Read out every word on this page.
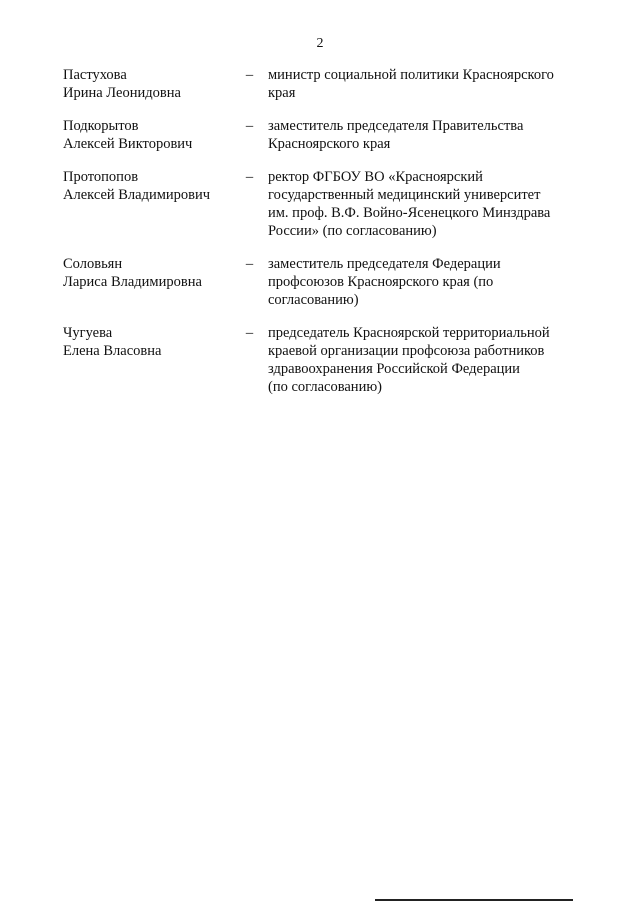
2
Пастухова
Ирина Леонидовна
–	министр социальной политики Красноярского
края
Подкорытов
Алексей Викторович
–	заместитель председателя Правительства
Красноярского края
Протопопов
Алексей Владимирович
–	ректор ФГБОУ ВО «Красноярский
государственный медицинский университет
им. проф. В.Ф. Войно-Ясенецкого Минздрава
России» (по согласованию)
Соловьян
Лариса Владимировна
–	заместитель председателя Федерации
профсоюзов Красноярского края (по
согласованию)
Чугуева
Елена Власовна
–	председатель Красноярской территориальной
краевой организации профсоюза работников
здравоохранения Российской Федерации
(по согласованию)
